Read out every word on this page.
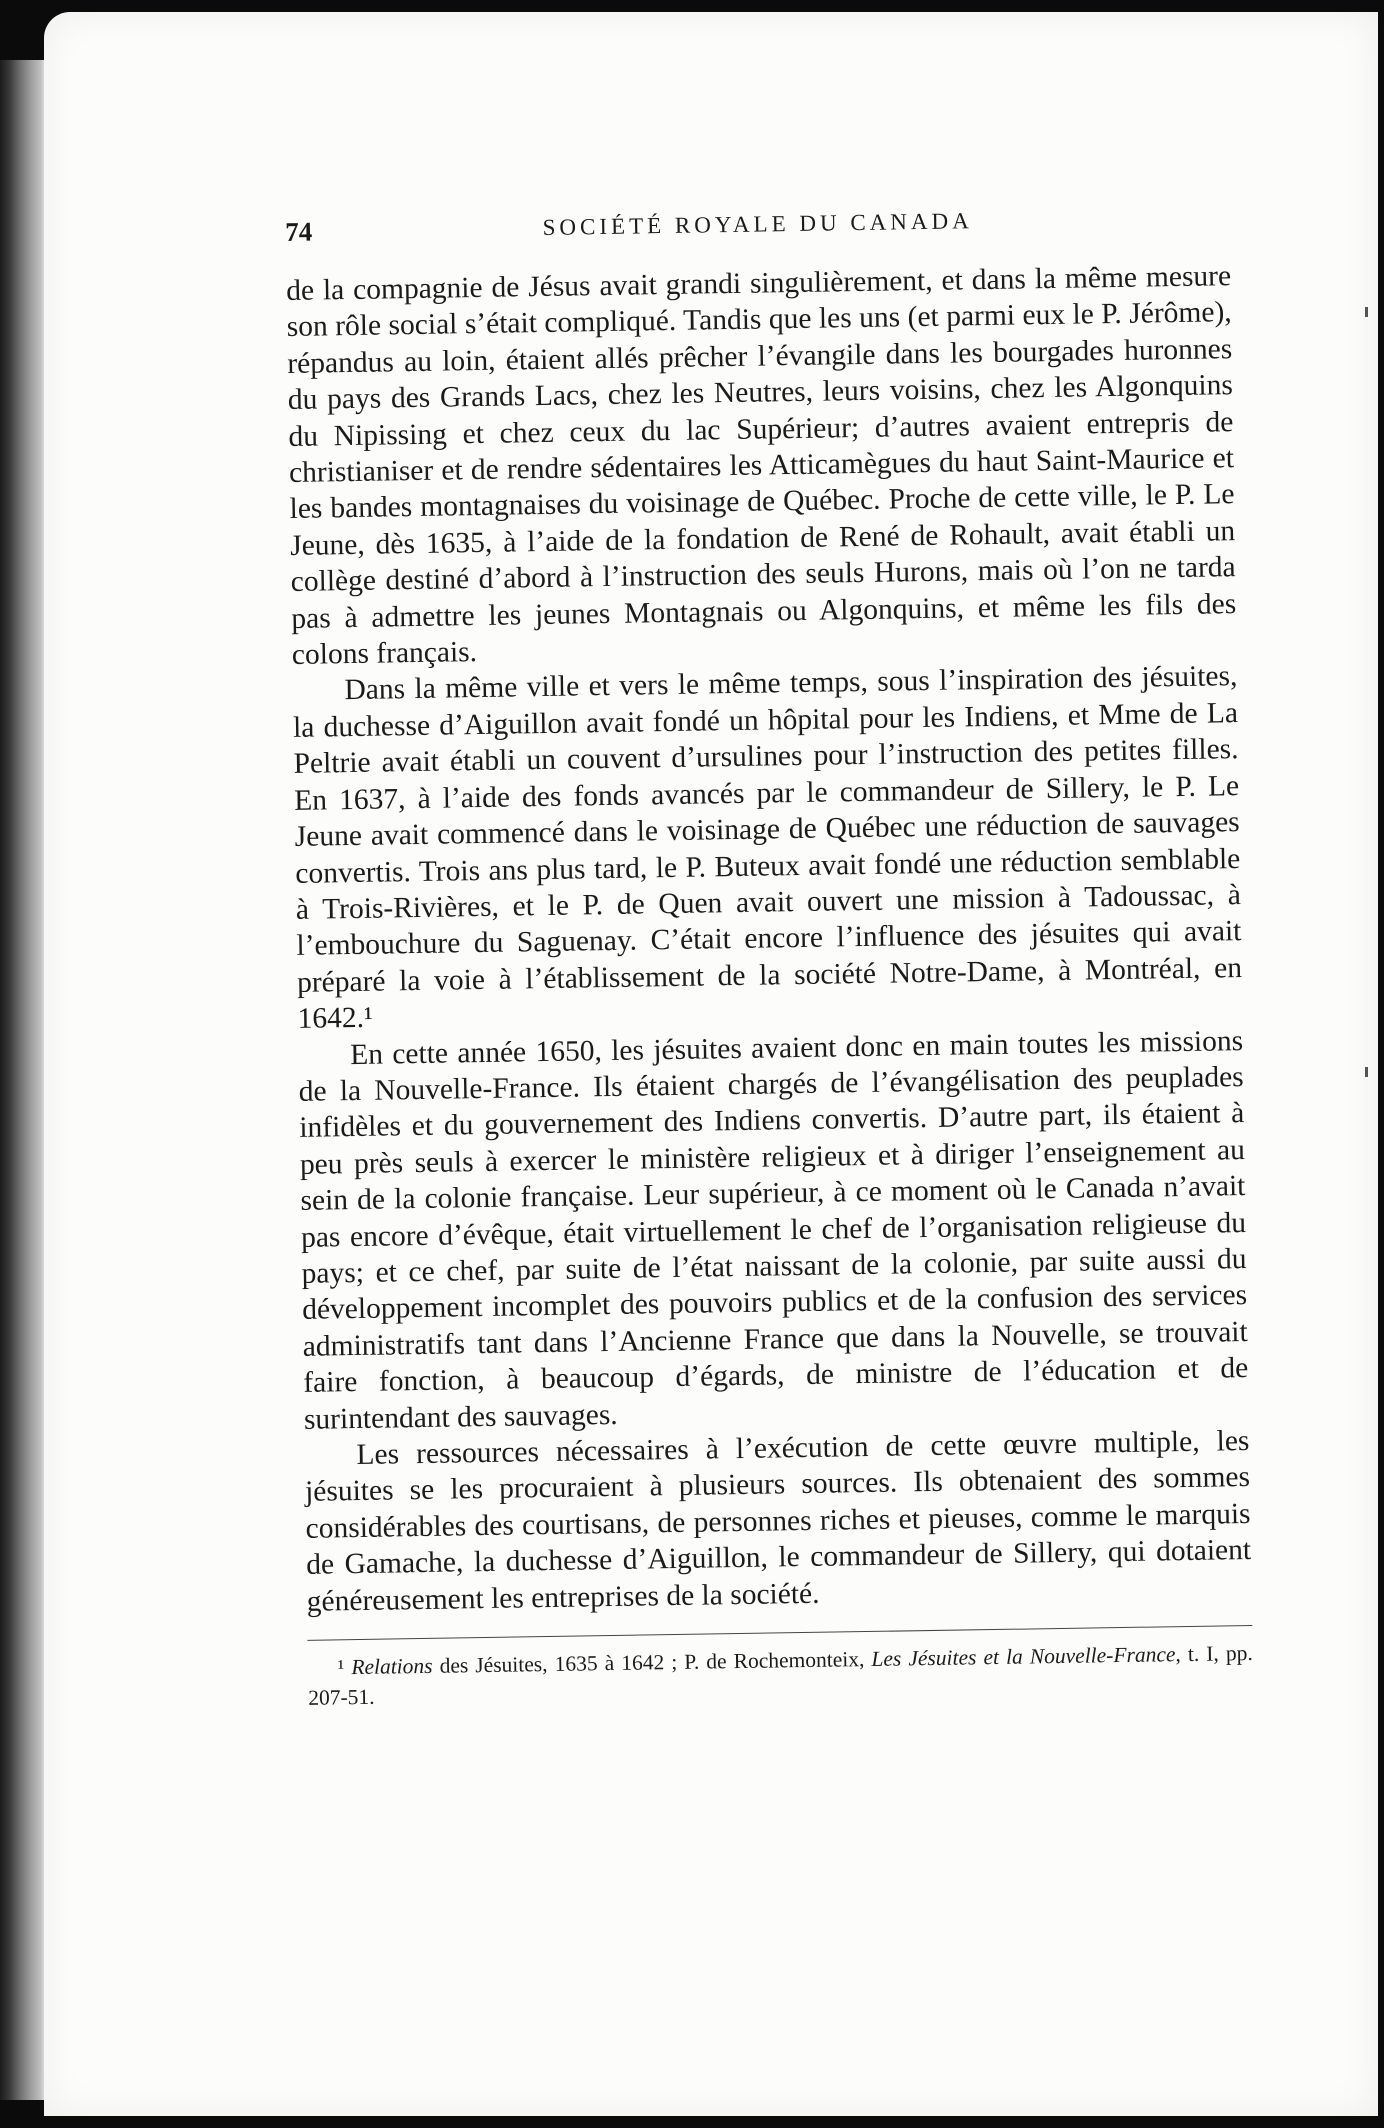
74	SOCIÉTÉ ROYALE DU CANADA

de la compagnie de Jésus avait grandi singulièrement, et dans la même mesure son rôle social s’était compliqué. Tandis que les uns (et parmi eux le P. Jérôme), répandus au loin, étaient allés prêcher l’évangile dans les bourgades huronnes du pays des Grands Lacs, chez les Neutres, leurs voisins, chez les Algonquins du Nipissing et chez ceux du lac Supérieur; d’autres avaient entrepris de christianiser et de rendre sédentaires les Atticamègues du haut Saint-Maurice et les bandes montagnaises du voisinage de Québec. Proche de cette ville, le P. Le Jeune, dès 1635, à l’aide de la fondation de René de Rohault, avait établi un collège destiné d’abord à l’instruction des seuls Hurons, mais où l’on ne tarda pas à admettre les jeunes Montagnais ou Algonquins, et même les fils des colons français.

Dans la même ville et vers le même temps, sous l’inspiration des jésuites, la duchesse d’Aiguillon avait fondé un hôpital pour les Indiens, et Mme de La Peltrie avait établi un couvent d’ursulines pour l’instruction des petites filles. En 1637, à l’aide des fonds avancés par le commandeur de Sillery, le P. Le Jeune avait commencé dans le voisinage de Québec une réduction de sauvages convertis. Trois ans plus tard, le P. Buteux avait fondé une réduction semblable à Trois-Rivières, et le P. de Quen avait ouvert une mission à Tadoussac, à l’embouchure du Saguenay. C’était encore l’influence des jésuites qui avait préparé la voie à l’établissement de la société Notre-Dame, à Montréal, en 1642.¹

En cette année 1650, les jésuites avaient donc en main toutes les missions de la Nouvelle-France. Ils étaient chargés de l’évangélisation des peuplades infidèles et du gouvernement des Indiens convertis. D’autre part, ils étaient à peu près seuls à exercer le ministère religieux et à diriger l’enseignement au sein de la colonie française. Leur supérieur, à ce moment où le Canada n’avait pas encore d’évêque, était virtuellement le chef de l’organisation religieuse du pays; et ce chef, par suite de l’état naissant de la colonie, par suite aussi du développement incomplet des pouvoirs publics et de la confusion des services administratifs tant dans l’Ancienne France que dans la Nouvelle, se trouvait faire fonction, à beaucoup d’égards, de ministre de l’éducation et de surintendant des sauvages.

Les ressources nécessaires à l’exécution de cette œuvre multiple, les jésuites se les procuraient à plusieurs sources. Ils obtenaient des sommes considérables des courtisans, de personnes riches et pieuses, comme le marquis de Gamache, la duchesse d’Aiguillon, le commandeur de Sillery, qui dotaient généreusement les entreprises de la société.

¹ Relations des Jésuites, 1635 à 1642 ; P. de Rochemonteix, Les Jésuites et la Nouvelle-France, t. I, pp. 207-51.
